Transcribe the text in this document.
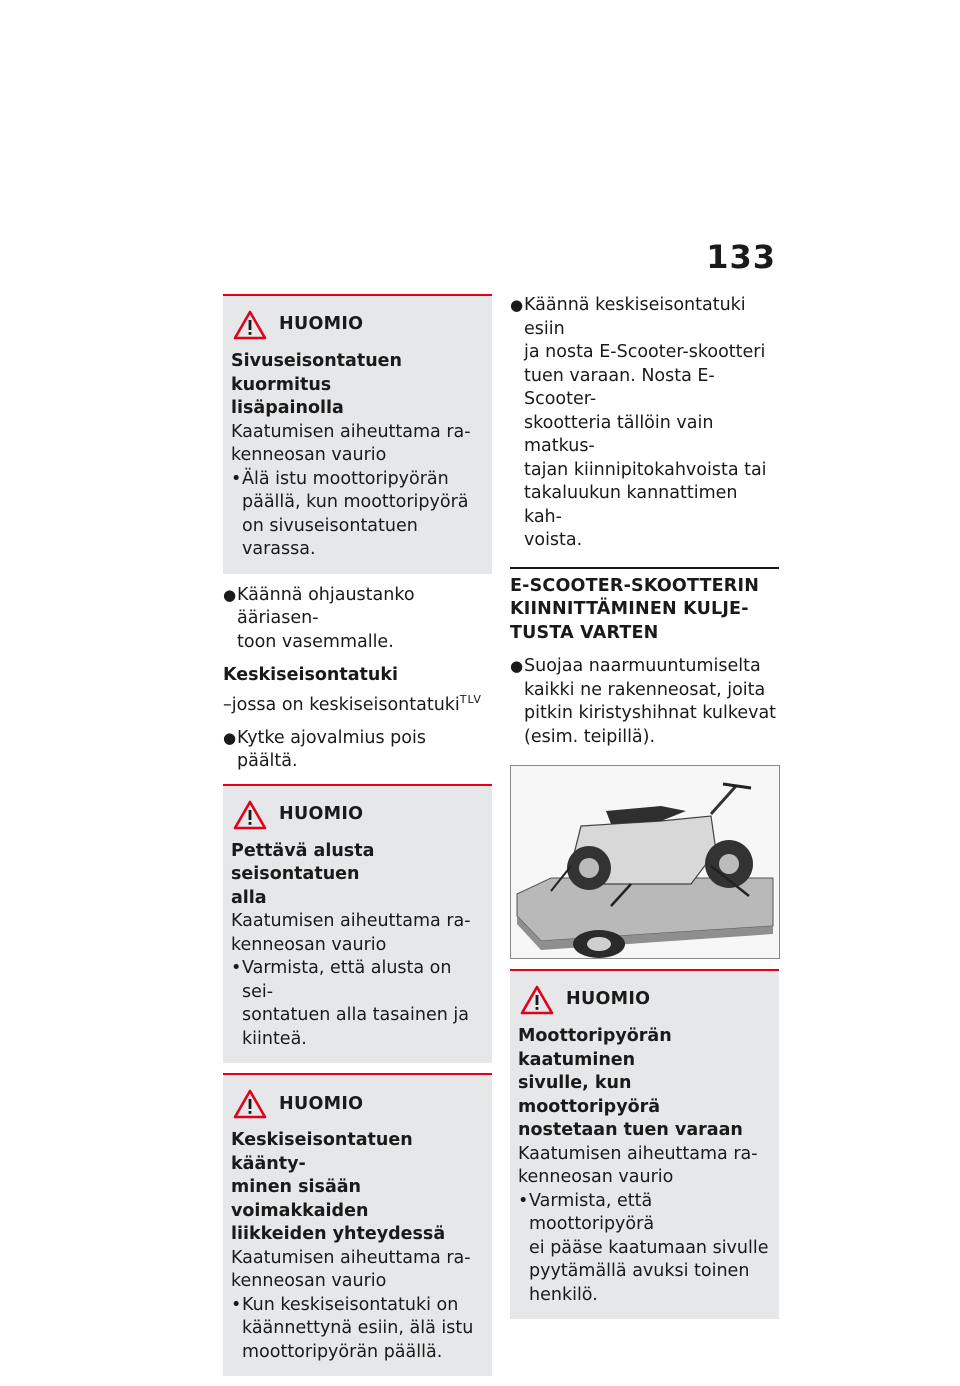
133
HUOMIO
Sivuseisontatuen kuormitus
lisäpainolla
Kaatumisen aiheuttama ra-
kenneosan vaurio
• Älä istu moottoripyörän
päällä, kun moottoripyörä
on sivuseisontatuen varassa.
● Käännä ohjaustanko ääriasen-
toon vasemmalle.
Keskiseisontatuki
–jossa on keskiseisontatuki$^{TLV}$
● Kytke ajovalmius pois päältä.
HUOMIO
Pettävä alusta seisontatuen
alla
Kaatumisen aiheuttama ra-
kenneosan vaurio
• Varmista, että alusta on sei-
sontatuen alla tasainen ja
kiinteä.
HUOMIO
Keskiseisontatuen käänty-
minen sisään voimakkaiden
liikkeiden yhteydessä
Kaatumisen aiheuttama ra-
kenneosan vaurio
• Kun keskiseisontatuki on
käännettynä esiin, älä istu
moottoripyörän päällä.
● Käännä keskiseisontatuki esiin
ja nosta E-Scooter-skootteri
tuen varaan. Nosta E-Scooter-
skootteria tällöin vain matkus-
tajan kiinnipitokahvoista tai
takaluukun kannattimen kah-
voista.
E-SCOOTER-SKOOTTERIN
KIINNITTÄMINEN KULJE-
TUSTA VARTEN
● Suojaa naarmuuntumiselta
kaikki ne rakenneosat, joita
pitkin kiristyshihnat kulkevat
(esim. teipillä).
HUOMIO
Moottoripyörän kaatuminen
sivulle, kun moottoripyörä
nostetaan tuen varaan
Kaatumisen aiheuttama ra-
kenneosan vaurio
• Varmista, että moottoripyörä
ei pääse kaatumaan sivulle
pyytämällä avuksi toinen
henkilö.
